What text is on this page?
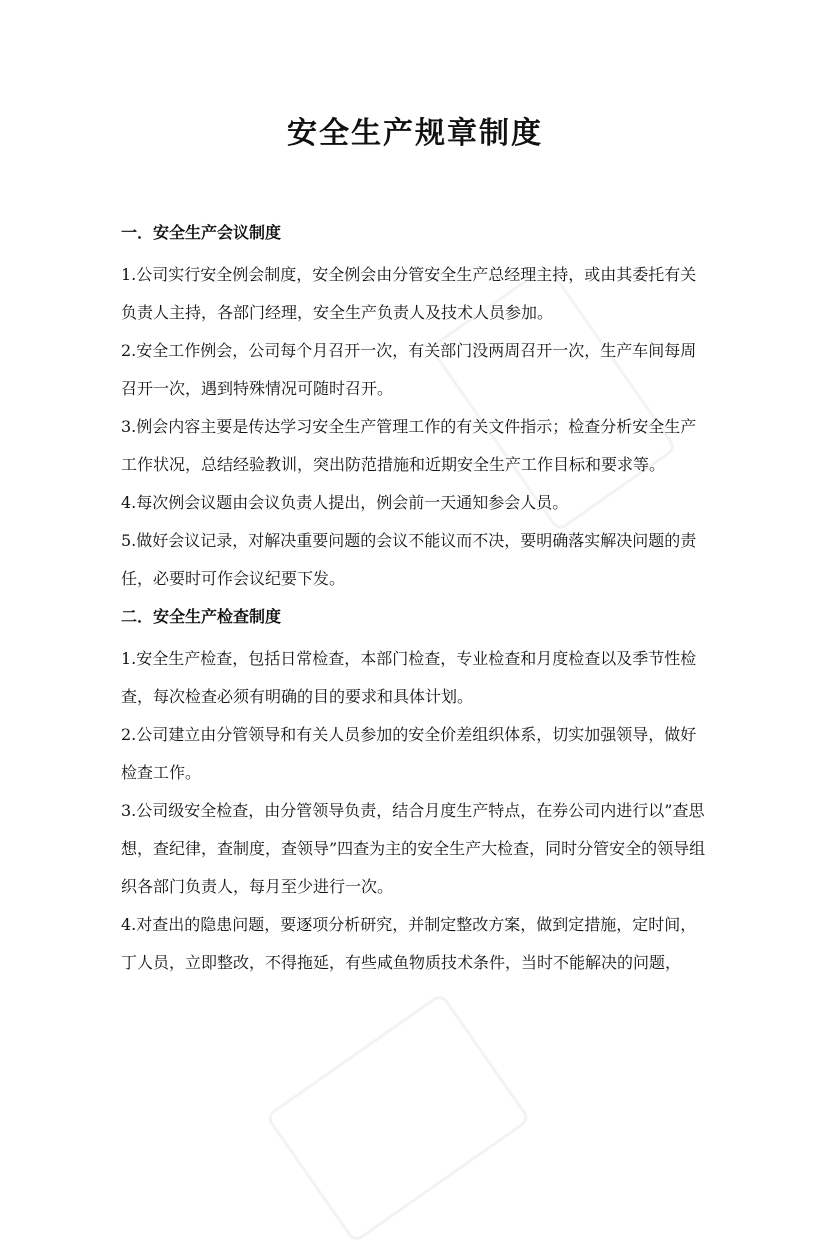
安全生产规章制度

一．安全生产会议制度

1.公司实行安全例会制度，安全例会由分管安全生产总经理主持，或由其委托有关负责人主持，各部门经理，安全生产负责人及技术人员参加。

2.安全工作例会，公司每个月召开一次，有关部门没两周召开一次，生产车间每周召开一次，遇到特殊情况可随时召开。

3.例会内容主要是传达学习安全生产管理工作的有关文件指示；检查分析安全生产工作状况，总结经验教训，突出防范措施和近期安全生产工作目标和要求等。

4.每次例会议题由会议负责人提出，例会前一天通知参会人员。

5.做好会议记录，对解决重要问题的会议不能议而不决，要明确落实解决问题的责任，必要时可作会议纪要下发。

二．安全生产检查制度

1.安全生产检查，包括日常检查，本部门检查，专业检查和月度检查以及季节性检查，每次检查必须有明确的目的要求和具体计划。

2.公司建立由分管领导和有关人员参加的安全价差组织体系，切实加强领导，做好检查工作。

3.公司级安全检查，由分管领导负责，结合月度生产特点，在券公司内进行以”查思想，查纪律，查制度，查领导”四查为主的安全生产大检查，同时分管安全的领导组织各部门负责人，每月至少进行一次。

4.对查出的隐患问题，要逐项分析研究，并制定整改方案，做到定措施，定时间，丁人员，立即整改，不得拖延，有些咸鱼物质技术条件，当时不能解决的问题，
